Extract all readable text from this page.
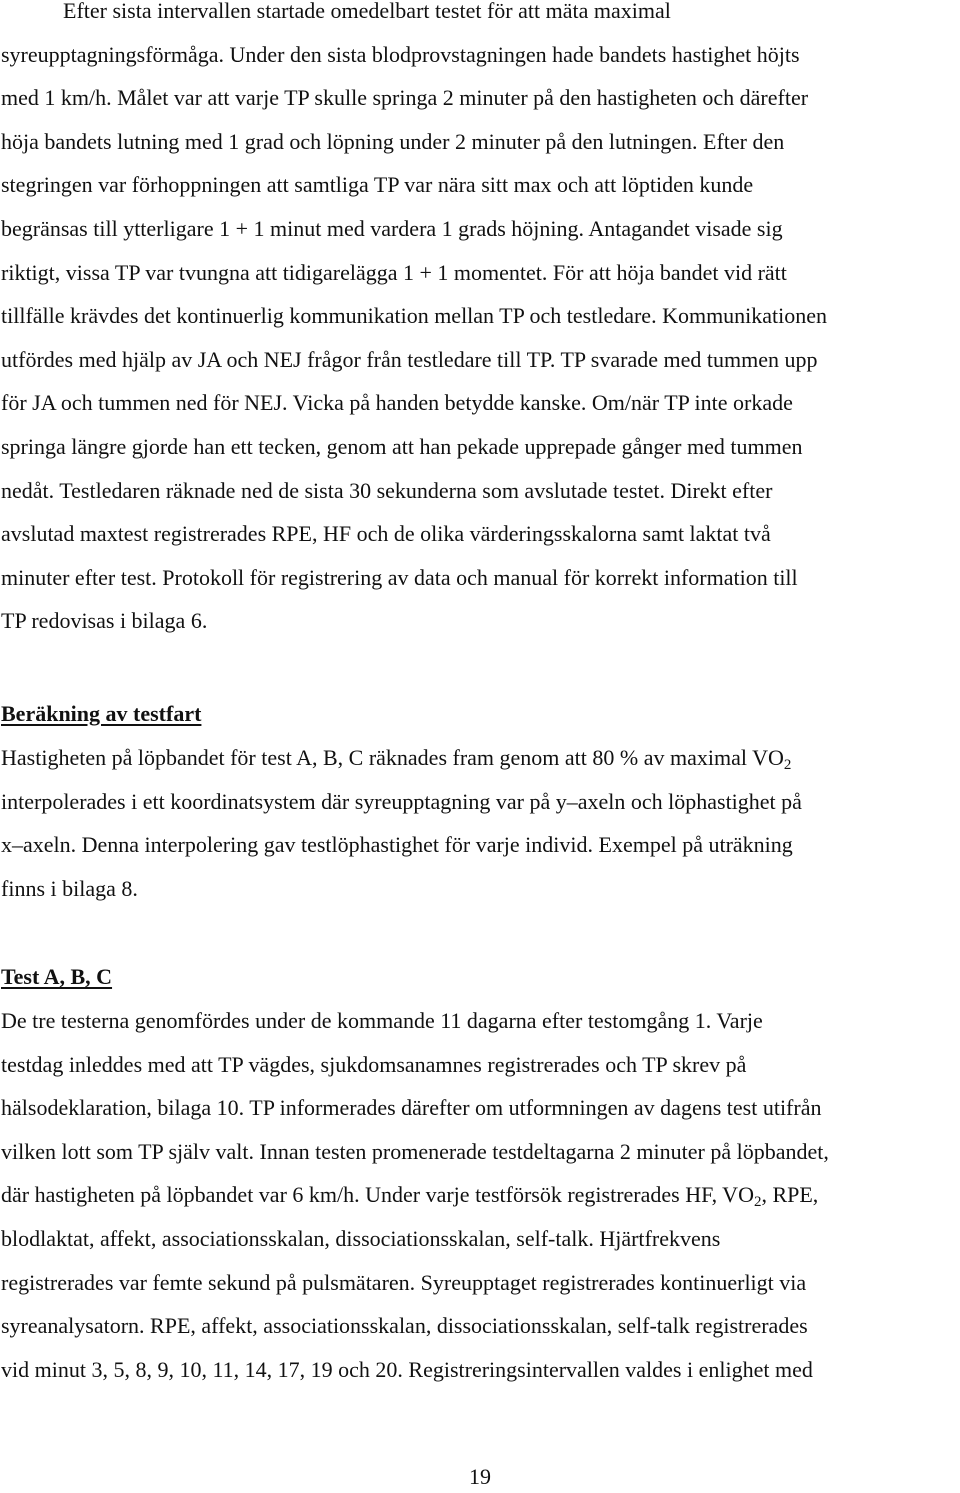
Efter sista intervallen startade omedelbart testet för att mäta maximal
syreupptagningsförmåga. Under den sista blodprovstagningen hade bandets hastighet höjts
med 1 km/h. Målet var att varje TP skulle springa 2 minuter på den hastigheten och därefter
höja bandets lutning med 1 grad och löpning under 2 minuter på den lutningen. Efter den
stegringen var förhoppningen att samtliga TP var nära sitt max och att löptiden kunde
begränsas till ytterligare 1 + 1 minut med vardera 1 grads höjning. Antagandet visade sig
riktigt, vissa TP var tvungna att tidigarelägga 1 + 1 momentet. För att höja bandet vid rätt
tillfälle krävdes det kontinuerlig kommunikation mellan TP och testledare. Kommunikationen
utfördes med hjälp av JA och NEJ frågor från testledare till TP. TP svarade med tummen upp
för JA och tummen ned för NEJ. Vicka på handen betydde kanske. Om/när TP inte orkade
springa längre gjorde han ett tecken, genom att han pekade upprepade gånger med tummen
nedåt. Testledaren räknade ned de sista 30 sekunderna som avslutade testet. Direkt efter
avslutad maxtest registrerades RPE, HF och de olika värderingsskalorna samt laktat två
minuter efter test. Protokoll för registrering av data och manual för korrekt information till
TP redovisas i bilaga 6.

Beräkning av testfart

Hastigheten på löpbandet för test A, B, C räknades fram genom att 80 % av maximal $VO_2$
interpolerades i ett koordinatsystem där syreupptagning var på y–axeln och löphastighet på
x–axeln. Denna interpolering gav testlöphastighet för varje individ. Exempel på uträkning
finns i bilaga 8.

Test A, B, C

De tre testerna genomfördes under de kommande 11 dagarna efter testomgång 1. Varje
testdag inleddes med att TP vägdes, sjukdomsanamnes registrerades och TP skrev på
hälsodeklaration, bilaga 10. TP informerades därefter om utformningen av dagens test utifrån
vilken lott som TP själv valt. Innan testen promenerade testdeltagarna 2 minuter på löpbandet,
där hastigheten på löpbandet var 6 km/h. Under varje testförsök registrerades HF, $VO_2$, RPE,
blodlaktat, affekt, associationsskalan, dissociationsskalan, self-talk. Hjärtfrekvens
registrerades var femte sekund på pulsmätaren. Syreupptaget registrerades kontinuerligt via
syreanalysatorn. RPE, affekt, associationsskalan, dissociationsskalan, self-talk registrerades
vid minut 3, 5, 8, 9, 10, 11, 14, 17, 19 och 20. Registreringsintervallen valdes i enlighet med

19
